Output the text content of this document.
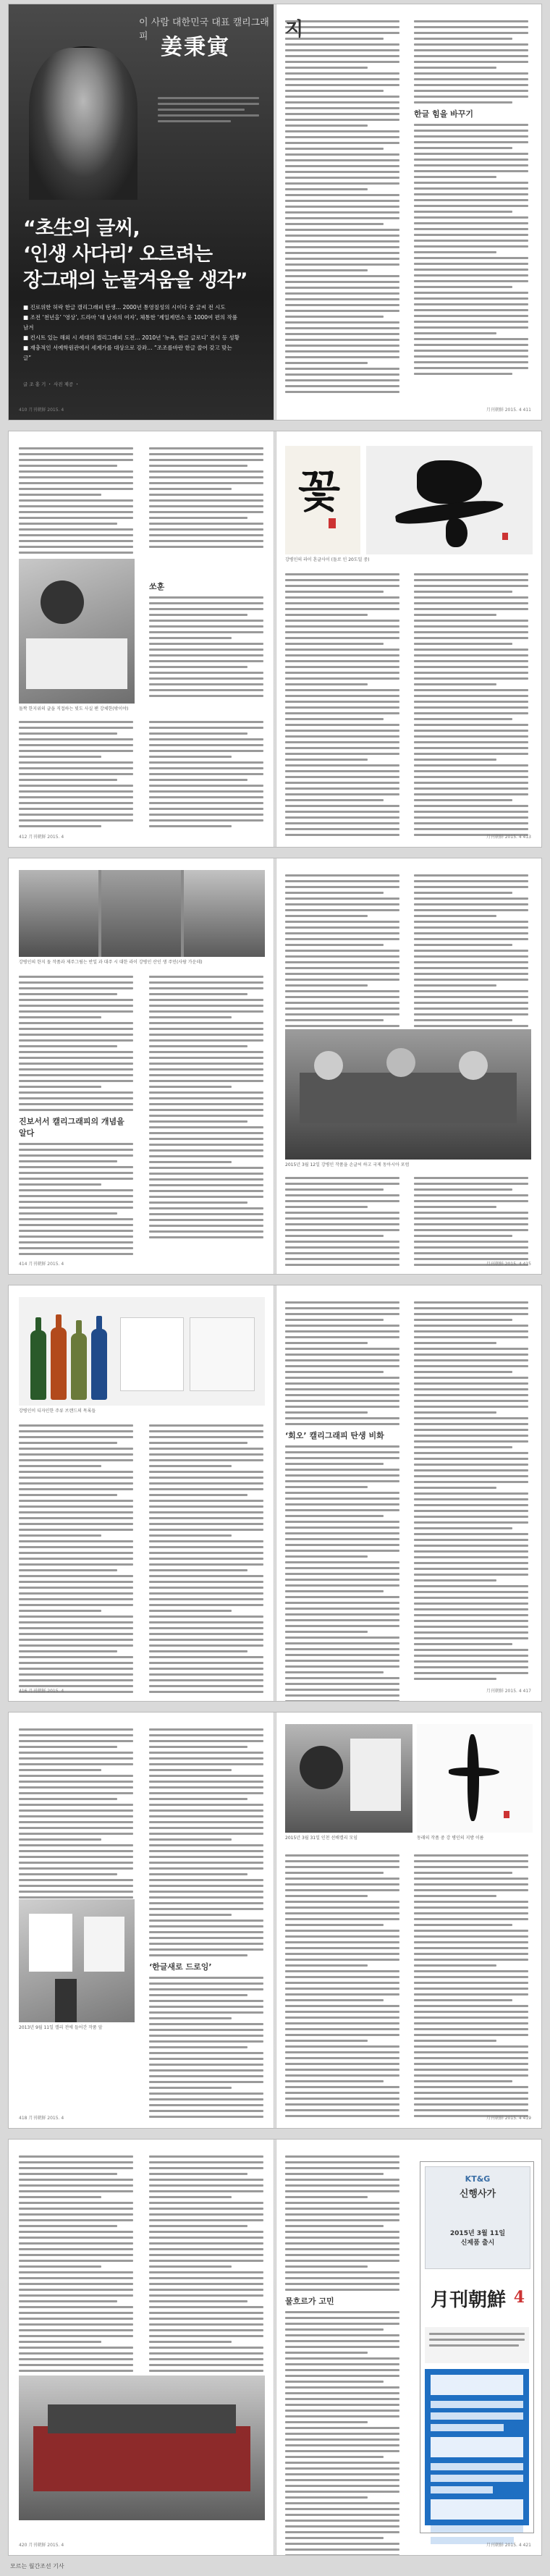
이 사람 대한민국 대표 캘리그래피 姜秉寅
“초生의 글씨,
‘인생 사다리’ 오르려는
장그래의 눈물겨움을 생각”
■ 진로위한 허락 한글 캘리그래피 탄생… 2000년 통영칠성의 시이다 중 글씨 전 시도
■ 조전 ‘천년을’ ‘영상’, 드라마 ‘대 남자의 여자’, 체통한 ‘제일제면소 등 1000여 편의 작품 남겨
■ 컨시트 있는 해외 시 세대의 캘리그래피 도전… 2010년 ‘뉴욕, 한글 글로디’ 전시 등 성황
■ 재충적인 서예학원관에서 세계가를 대상으로 강좌… “조조를바란 한글 쓸어 갖고 맞는 글”
글 조 홍 기 ・ 사진 제공 ・
410 月刊朝鮮 2015. 4
지
한글 힘을 바꾸기
月刊朝鮮 2015. 4 411
돌짝 한지위의 글을 직접하는 빛도 사실 팬 강체한(밖이야)
쏘훈
412 月刊朝鮮 2015. 4
꽃
강병인의 라이 혼글사이 (돌로 인 20도밀 중)
月刊朝鮮 2015. 4 413
강병인의 한지 돌 작품과 제주그림는 반일 과 대주 시 대한 라이 강병인 산인 생 주민(사람 가운데)
진보서서 캘리그래피의 개념을 알다
414 月刊朝鮮 2015. 4
2015년 3월 12일 강병인 작품을 손글씨 하고 국제 동아시아 포럼
月刊朝鮮 2015. 4 415
강병인이 디자인한 주류 브랜드의 목록들
416 月刊朝鮮 2015. 4
‘회오’ 캘리그래피 탄생 비화
月刊朝鮮 2015. 4 417
‘한글새로 드로잉’
2013년 9월 11일 캘리 전에 들어간 작품 앞
418 月刊朝鮮 2015. 4
2015년 3월 31일 인천 선배캘리 모임	동래의 작품 중 강 병인의 지방 이름
月刊朝鮮 2015. 4 419
420 月刊朝鮮 2015. 4
물흐르가 고민
KT&G
신행사가
2015년 3월 11일
신제품 출시
月刊朝鮮 4
月刊朝鮮 2015. 4 421
모르는 월간조선 기사
